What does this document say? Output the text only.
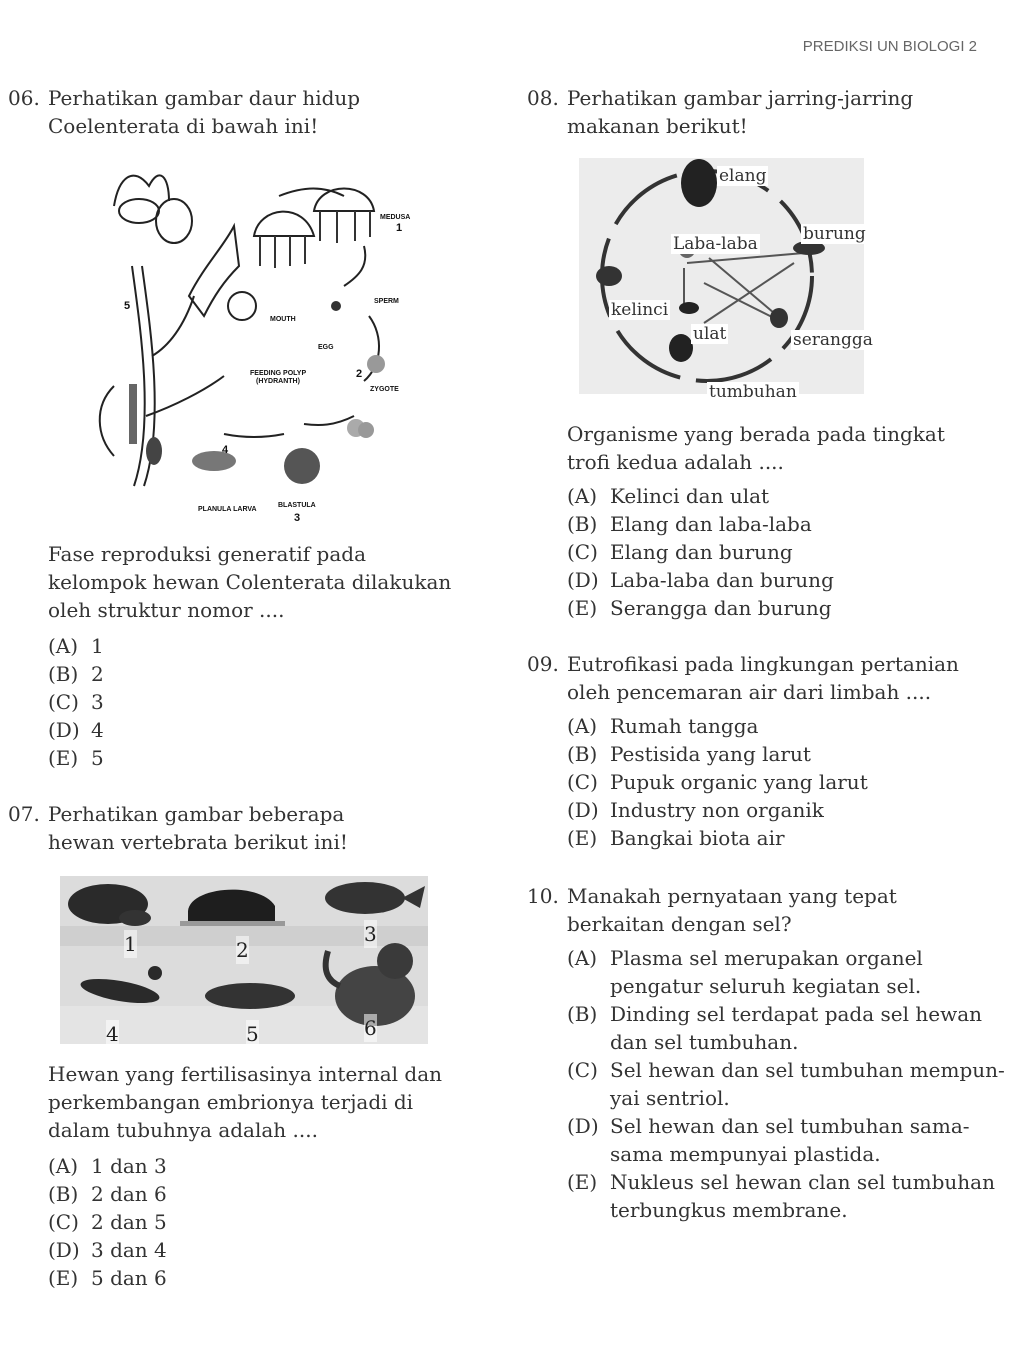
PREDIKSI UN BIOLOGI 2
06. Perhatikan gambar daur hidup Coelenterata di bawah ini!
MEDUSA
1
SPERM
MOUTH
EGG
FEEDING POLYP
(HYDRANTH)
2
ZYGOTE
4
BLASTULA
3
PLANULA LARVA
5
Fase reproduksi generatif pada kelompok hewan Colenterata dilakukan oleh struktur nomor ....
(A) 1
(B) 2
(C) 3
(D) 4
(E) 5
07. Perhatikan gambar beberapa hewan vertebrata berikut ini!
1	2
3
4	5	6
Hewan yang fertilisasinya internal dan perkembangan embrionya terjadi di dalam tubuhnya adalah ....
(A) 1 dan 3
(B) 2 dan 6
(C) 2 dan 5
(D) 3 dan 4
(E) 5 dan 6
08. Perhatikan gambar jarring-jarring makanan berikut!
elang
Laba-laba	burung
kelinci
ulat	serangga
tumbuhan
Organisme yang berada pada tingkat trofi kedua adalah ....
(A) Kelinci dan ulat
(B) Elang dan laba-laba
(C) Elang dan burung
(D) Laba-laba dan burung
(E) Serangga dan burung
09. Eutrofikasi pada lingkungan pertanian oleh pencemaran air dari limbah ....
(A) Rumah tangga
(B) Pestisida yang larut
(C) Pupuk organic yang larut
(D) Industry non organik
(E) Bangkai biota air
10. Manakah pernyataan yang tepat berkaitan dengan sel?
(A) Plasma sel merupakan organel pengatur seluruh kegiatan sel.
(B) Dinding sel terdapat pada sel hewan dan sel tumbuhan.
(C) Sel hewan dan sel tumbuhan mempun-yai sentriol.
(D) Sel hewan dan sel tumbuhan sama-sama mempunyai plastida.
(E) Nukleus sel hewan clan sel tumbuhan terbungkus membrane.
